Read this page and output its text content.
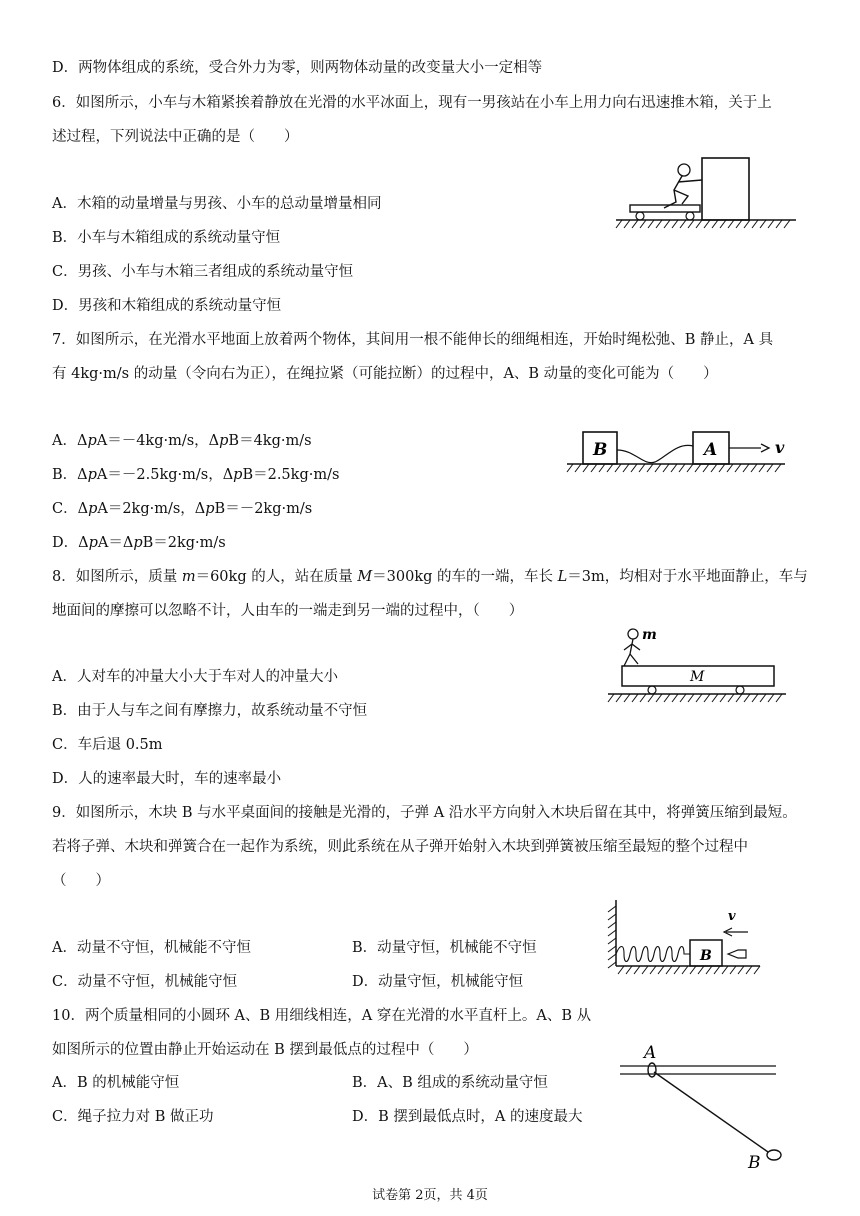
D．两物体组成的系统，受合外力为零，则两物体动量的改变量大小一定相等
6．如图所示，小车与木箱紧挨着静放在光滑的水平冰面上，现有一男孩站在小车上用力向右迅速推木箱，关于上
述过程，下列说法中正确的是（　　）
A．木箱的动量增量与男孩、小车的总动量增量相同
B．小车与木箱组成的系统动量守恒
C．男孩、小车与木箱三者组成的系统动量守恒
D．男孩和木箱组成的系统动量守恒
7．如图所示，在光滑水平地面上放着两个物体，其间用一根不能伸长的细绳相连，开始时绳松弛、B 静止，A 具
有 4kg·m/s 的动量（令向右为正），在绳拉紧（可能拉断）的过程中，A、B 动量的变化可能为（　　）
A．Δ𝑝A＝－4kg·m/s，Δ𝑝B＝4kg·m/s
B．Δ𝑝A＝－2.5kg·m/s，Δ𝑝B＝2.5kg·m/s
C．Δ𝑝A＝2kg·m/s，Δ𝑝B＝－2kg·m/s
D．Δ𝑝A＝Δ𝑝B＝2kg·m/s
B	A	v
8．如图所示，质量 𝑚＝60kg 的人，站在质量 𝑀＝300kg 的车的一端，车长 𝐿＝3m，均相对于水平地面静止，车与
地面间的摩擦可以忽略不计，人由车的一端走到另一端的过程中，（　　）
A．人对车的冲量大小大于车对人的冲量大小
B．由于人与车之间有摩擦力，故系统动量不守恒
C．车后退 0.5m
D．人的速率最大时，车的速率最小
m
M
9．如图所示，木块 B 与水平桌面间的接触是光滑的，子弹 A 沿水平方向射入木块后留在其中，将弹簧压缩到最短。
若将子弹、木块和弹簧合在一起作为系统，则此系统在从子弹开始射入木块到弹簧被压缩至最短的整个过程中
（　　）
A．动量不守恒，机械能不守恒	B．动量守恒，机械能不守恒
C．动量不守恒，机械能守恒	D．动量守恒，机械能守恒
B
v
10．两个质量相同的小圆环 A、B 用细线相连，A 穿在光滑的水平直杆上。A、B 从
如图所示的位置由静止开始运动在 B 摆到最低点的过程中（　　）
A．B 的机械能守恒	B．A、B 组成的系统动量守恒
C．绳子拉力对 B 做正功	D．B 摆到最低点时，A 的速度最大
A
B
试卷第 2页，共 4页
